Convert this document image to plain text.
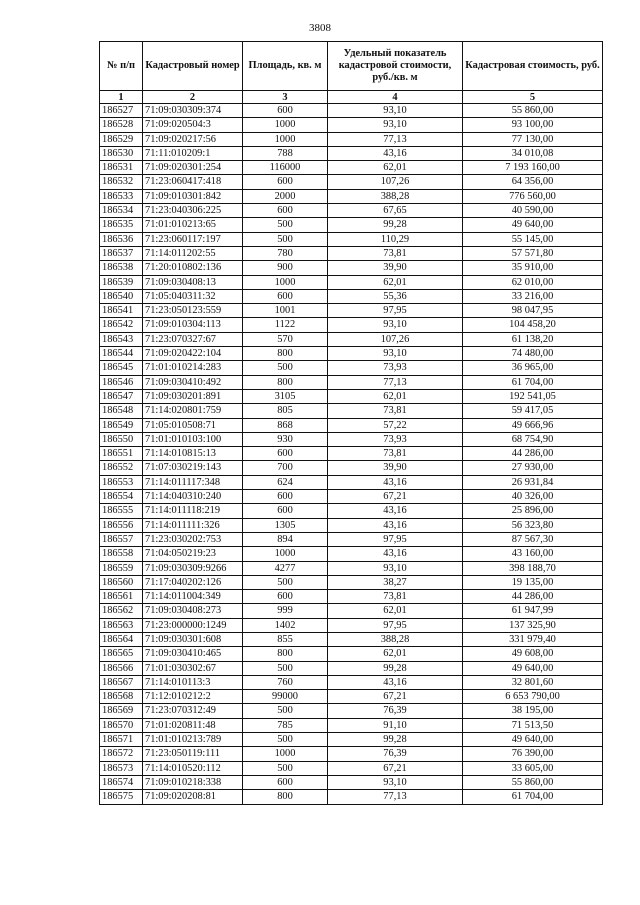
3808
№ п/п	Кадастровый номер	Площадь, кв. м	Удельный показатель кадастровой стоимости, руб./кв. м	Кадастровая стоимость, руб.
1	2	3	4	5
186527	71:09:030309:374	600	93,10	55 860,00
186528	71:09:020504:3	1000	93,10	93 100,00
186529	71:09:020217:56	1000	77,13	77 130,00
186530	71:11:010209:1	788	43,16	34 010,08
186531	71:09:020301:254	116000	62,01	7 193 160,00
186532	71:23:060417:418	600	107,26	64 356,00
186533	71:09:010301:842	2000	388,28	776 560,00
186534	71:23:040306:225	600	67,65	40 590,00
186535	71:01:010213:65	500	99,28	49 640,00
186536	71:23:060117:197	500	110,29	55 145,00
186537	71:14:011202:55	780	73,81	57 571,80
186538	71:20:010802:136	900	39,90	35 910,00
186539	71:09:030408:13	1000	62,01	62 010,00
186540	71:05:040311:32	600	55,36	33 216,00
186541	71:23:050123:559	1001	97,95	98 047,95
186542	71:09:010304:113	1122	93,10	104 458,20
186543	71:23:070327:67	570	107,26	61 138,20
186544	71:09:020422:104	800	93,10	74 480,00
186545	71:01:010214:283	500	73,93	36 965,00
186546	71:09:030410:492	800	77,13	61 704,00
186547	71:09:030201:891	3105	62,01	192 541,05
186548	71:14:020801:759	805	73,81	59 417,05
186549	71:05:010508:71	868	57,22	49 666,96
186550	71:01:010103:100	930	73,93	68 754,90
186551	71:14:010815:13	600	73,81	44 286,00
186552	71:07:030219:143	700	39,90	27 930,00
186553	71:14:011117:348	624	43,16	26 931,84
186554	71:14:040310:240	600	67,21	40 326,00
186555	71:14:011118:219	600	43,16	25 896,00
186556	71:14:011111:326	1305	43,16	56 323,80
186557	71:23:030202:753	894	97,95	87 567,30
186558	71:04:050219:23	1000	43,16	43 160,00
186559	71:09:030309:9266	4277	93,10	398 188,70
186560	71:17:040202:126	500	38,27	19 135,00
186561	71:14:011004:349	600	73,81	44 286,00
186562	71:09:030408:273	999	62,01	61 947,99
186563	71:23:000000:1249	1402	97,95	137 325,90
186564	71:09:030301:608	855	388,28	331 979,40
186565	71:09:030410:465	800	62,01	49 608,00
186566	71:01:030302:67	500	99,28	49 640,00
186567	71:14:010113:3	760	43,16	32 801,60
186568	71:12:010212:2	99000	67,21	6 653 790,00
186569	71:23:070312:49	500	76,39	38 195,00
186570	71:01:020811:48	785	91,10	71 513,50
186571	71:01:010213:789	500	99,28	49 640,00
186572	71:23:050119:111	1000	76,39	76 390,00
186573	71:14:010520:112	500	67,21	33 605,00
186574	71:09:010218:338	600	93,10	55 860,00
186575	71:09:020208:81	800	77,13	61 704,00
